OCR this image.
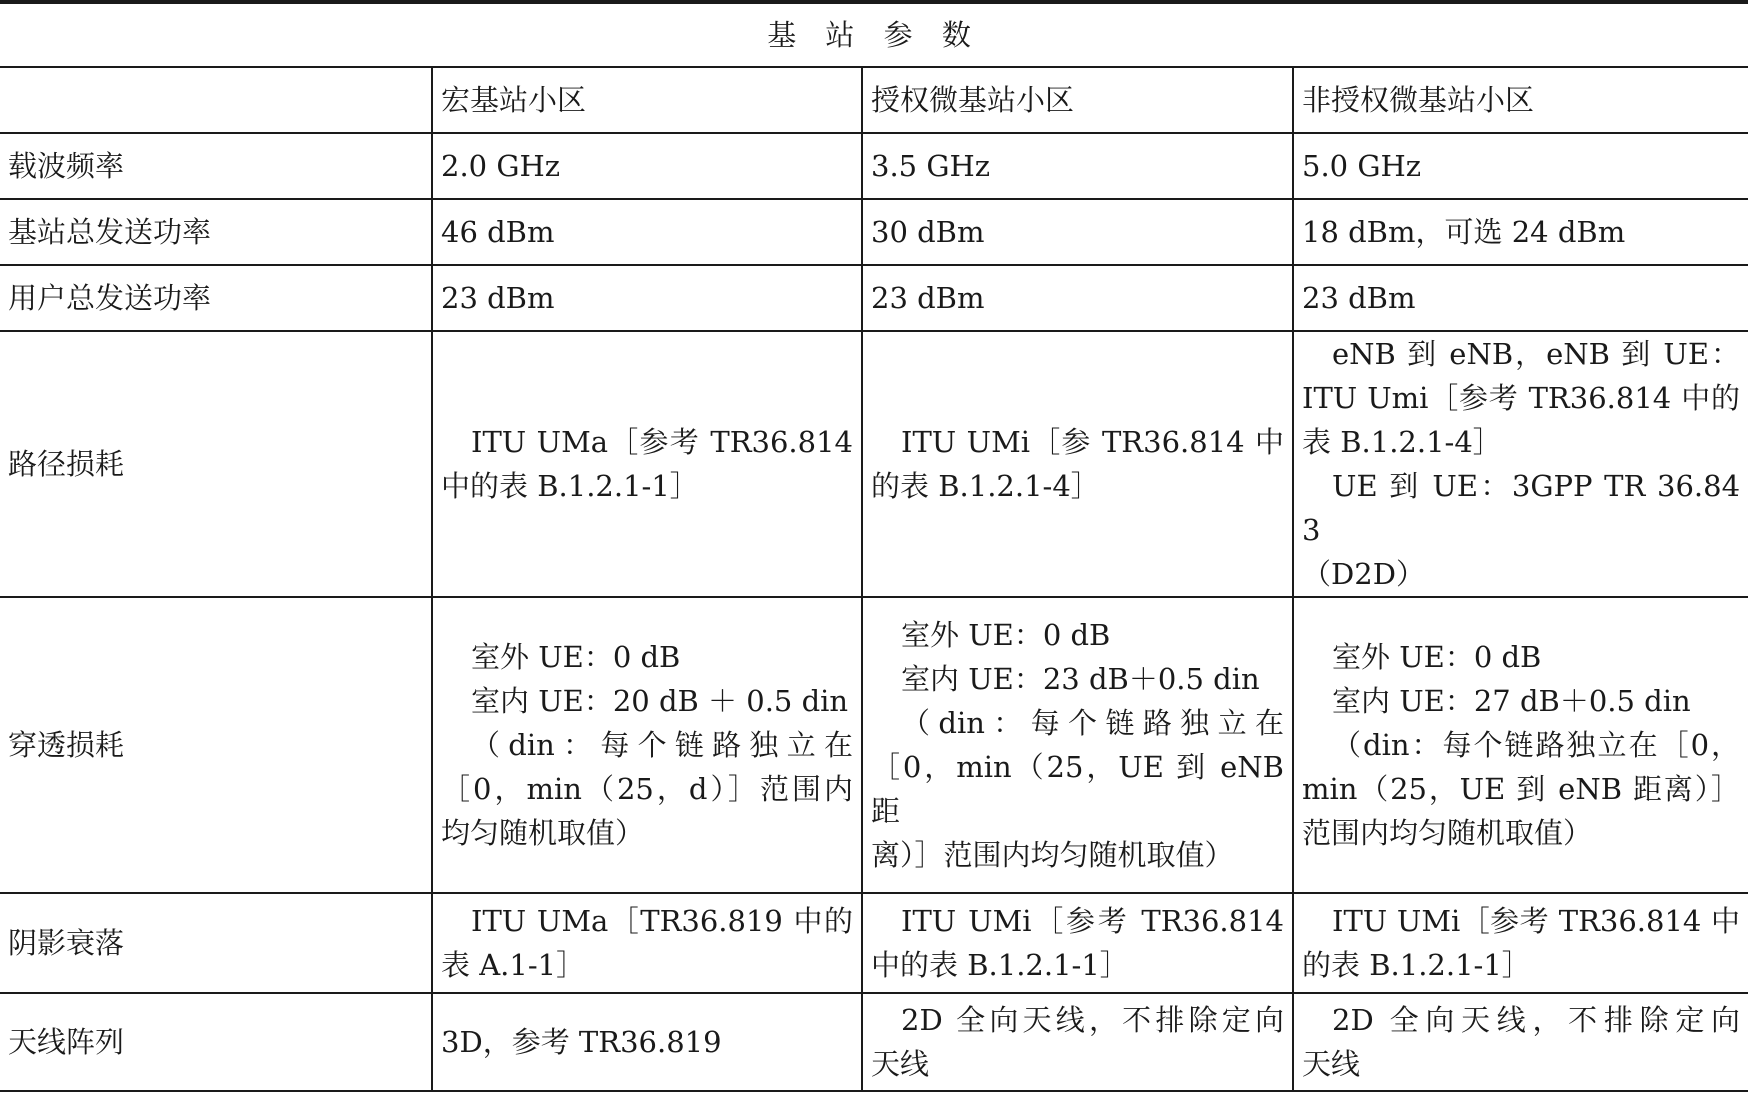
基 站 参 数			
	宏基站小区	授权微基站小区	非授权微基站小区
载波频率	2.0 GHz	3.5 GHz	5.0 GHz
基站总发送功率	46 dBm	30 dBm	18 dBm，可选 24 dBm
用户总发送功率	23 dBm	23 dBm	23 dBm
路径损耗	ITU UMa［参考 TR36.814
中的表 B.1.2.1-1］	ITU UMi［参 TR36.814 中
的表 B.1.2.1-4］	eNB 到 eNB，eNB 到 UE：
ITU Umi［参考 TR36.814 中的
表 B.1.2.1-4］
UE 到 UE：3GPP TR 36.843
（D2D）

穿透损耗	室外 UE：0 dB
室内 UE：20 dB ＋ 0.5 din
（din：每个链路独立在
［0，min（25，d）］范围内
均匀随机取值）	室外 UE：0 dB
室内 UE：23 dB＋0.5 din
（din：每个链路独立在
［0，min（25，UE 到 eNB 距
离）］范围内均匀随机取值）	室外 UE：0 dB
室内 UE：27 dB＋0.5 din
（din：每个链路独立在［0，
min（25，UE 到 eNB 距离）］
范围内均匀随机取值）

阴影衰落	ITU UMa［TR36.819 中的
表 A.1-1］	ITU UMi［参考 TR36.814
中的表 B.1.2.1-1］	ITU UMi［参考 TR36.814 中
的表 B.1.2.1-1］

天线阵列	3D，参考 TR36.819	2D 全向天线，不排除定向
天线	2D 全向天线，不排除定向
天线
